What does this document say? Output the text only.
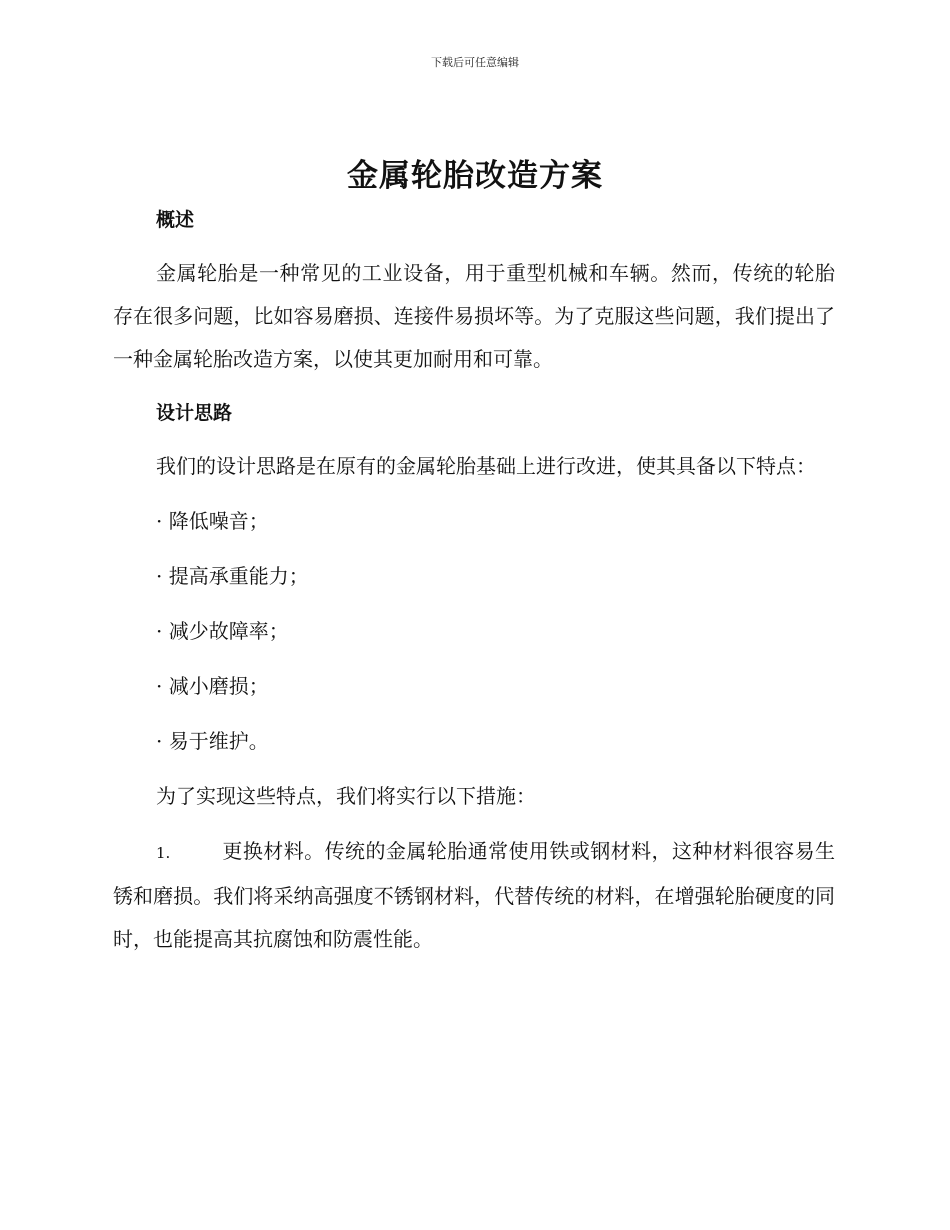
下载后可任意编辑
金属轮胎改造方案

概述

金属轮胎是一种常见的工业设备，用于重型机械和车辆。然而，传统的轮胎存在很多问题，比如容易磨损、连接件易损坏等。为了克服这些问题，我们提出了一种金属轮胎改造方案，以使其更加耐用和可靠。

设计思路

我们的设计思路是在原有的金属轮胎基础上进行改进，使其具备以下特点：

· 降低噪音；

· 提高承重能力；

· 减少故障率；

· 减小磨损；

· 易于维护。

为了实现这些特点，我们将实行以下措施：

1.	更换材料。传统的金属轮胎通常使用铁或钢材料，这种材料很容易生锈和磨损。我们将采纳高强度不锈钢材料，代替传统的材料，在增强轮胎硬度的同时，也能提高其抗腐蚀和防震性能。
